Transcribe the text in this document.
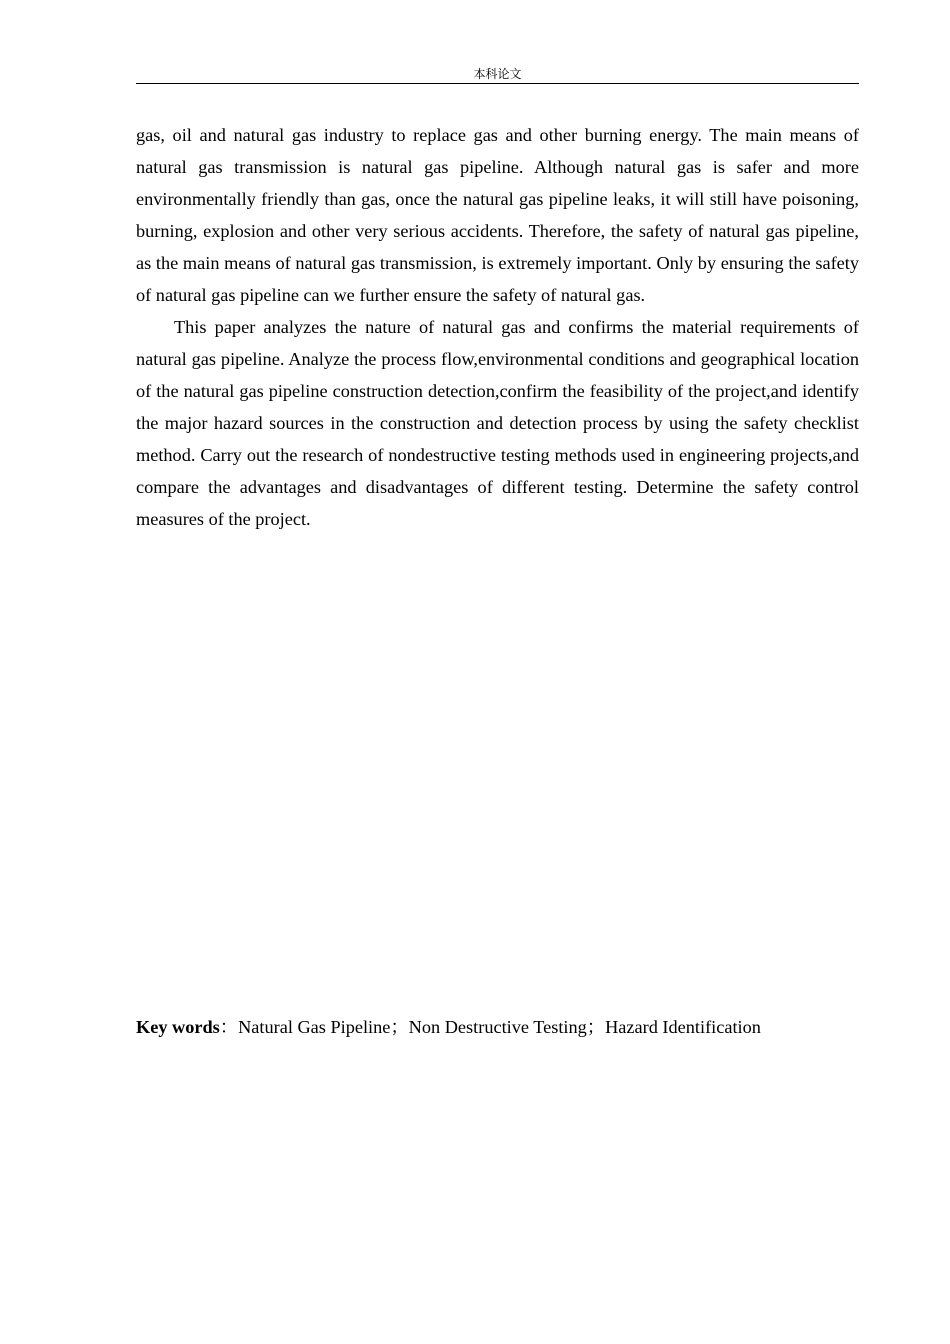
本科论文

gas, oil and natural gas industry to replace gas and other burning energy. The main means of natural gas transmission is natural gas pipeline. Although natural gas is safer and more environmentally friendly than gas, once the natural gas pipeline leaks, it will still have poisoning, burning, explosion and other very serious accidents. Therefore, the safety of natural gas pipeline, as the main means of natural gas transmission, is extremely important. Only by ensuring the safety of natural gas pipeline can we further ensure the safety of natural gas.

This paper analyzes the nature of natural gas and confirms the material requirements of natural gas pipeline. Analyze the process flow,environmental conditions and geographical location of the natural gas pipeline construction detection,confirm the feasibility of the project,and identify the major hazard sources in the construction and detection process by using the safety checklist method. Carry out the research of nondestructive testing methods used in engineering projects,and compare the advantages and disadvantages of different testing. Determine the safety control measures of the project.

Key words：Natural Gas Pipeline；Non Destructive Testing；Hazard Identification
